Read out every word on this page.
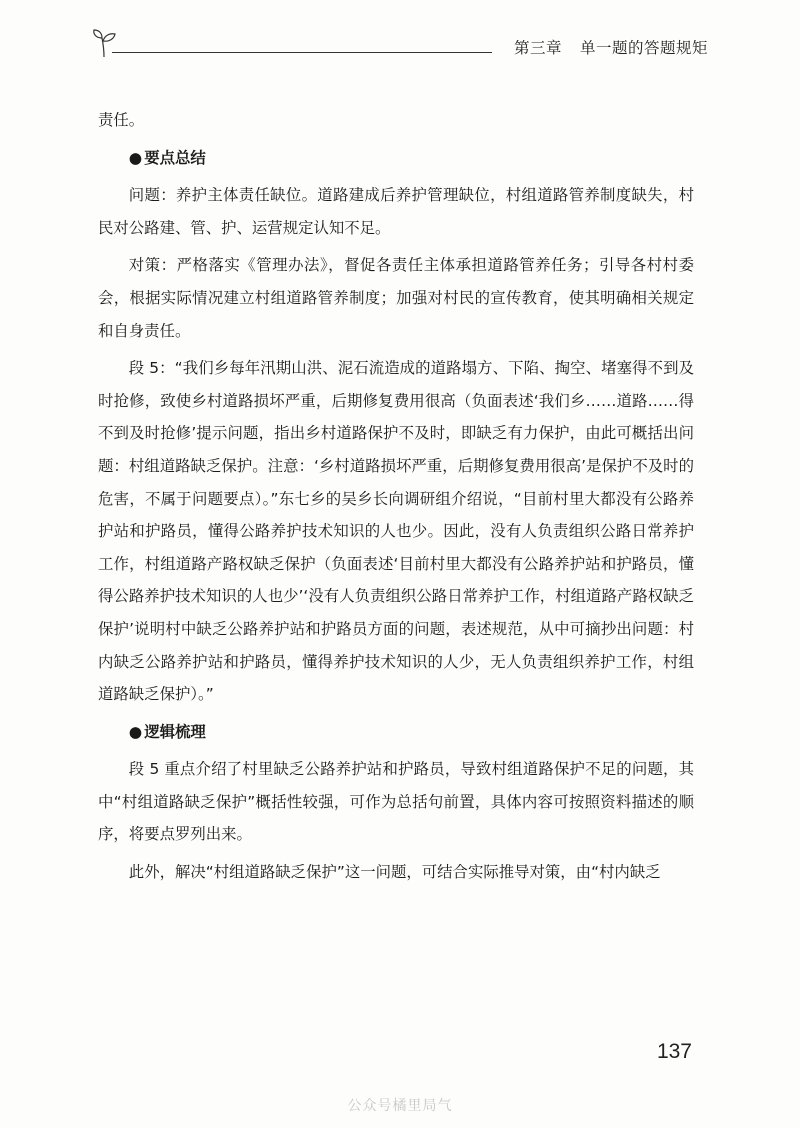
第三章 单一题的答题规矩

责任。

● 要点总结

问题：养护主体责任缺位。道路建成后养护管理缺位，村组道路管养制度缺失，村民对公路建、管、护、运营规定认知不足。

对策：严格落实《管理办法》，督促各责任主体承担道路管养任务；引导各村村委会，根据实际情况建立村组道路管养制度；加强对村民的宣传教育，使其明确相关规定和自身责任。

段 5：“我们乡每年汛期山洪、泥石流造成的道路塌方、下陷、掏空、堵塞得不到及时抢修，致使乡村道路损坏严重，后期修复费用很高（负面表述‘我们乡……道路……得不到及时抢修’提示问题，指出乡村道路保护不及时，即缺乏有力保护，由此可概括出问题：村组道路缺乏保护。注意：‘乡村道路损坏严重，后期修复费用很高’是保护不及时的危害，不属于问题要点）。”东七乡的吴乡长向调研组介绍说，“目前村里大都没有公路养护站和护路员，懂得公路养护技术知识的人也少。因此，没有人负责组织公路日常养护工作，村组道路产路权缺乏保护（负面表述‘目前村里大都没有公路养护站和护路员，懂得公路养护技术知识的人也少’‘没有人负责组织公路日常养护工作，村组道路产路权缺乏保护’说明村中缺乏公路养护站和护路员方面的问题，表述规范，从中可摘抄出问题：村内缺乏公路养护站和护路员，懂得养护技术知识的人少，无人负责组织养护工作，村组道路缺乏保护）。”

● 逻辑梳理

段 5 重点介绍了村里缺乏公路养护站和护路员，导致村组道路保护不足的问题，其中“村组道路缺乏保护”概括性较强，可作为总括句前置，具体内容可按照资料描述的顺序，将要点罗列出来。

此外，解决“村组道路缺乏保护”这一问题，可结合实际推导对策，由“村内缺乏

137
公众号橘里局气
